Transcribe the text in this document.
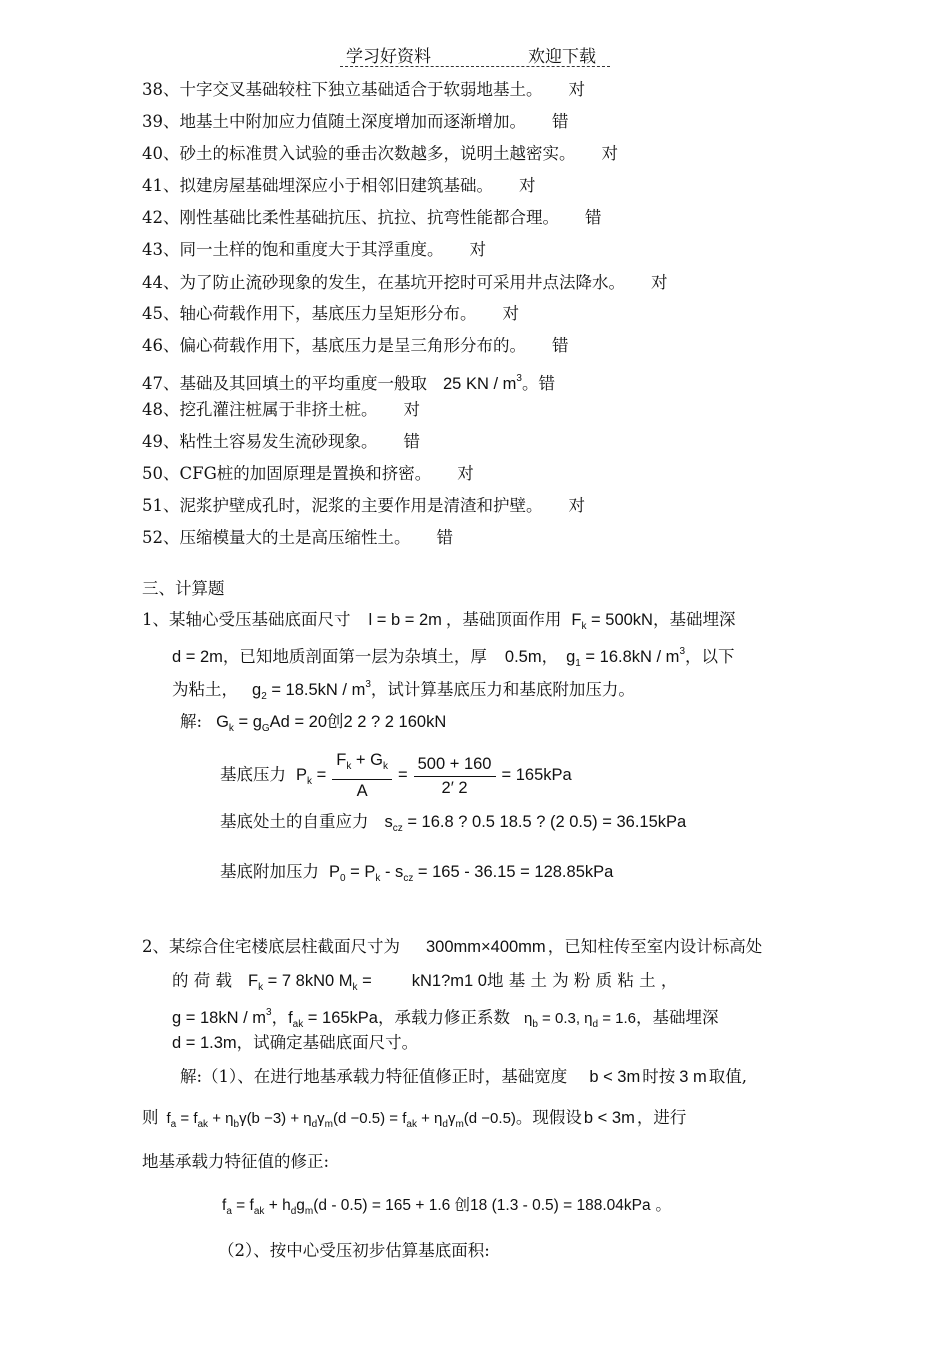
学习好资料	欢迎下载
38、十字交叉基础较柱下独立基础适合于软弱地基土。 对
39、地基土中附加应力值随土深度增加而逐渐增加。 错
40、砂土的标准贯入试验的垂击次数越多，说明土越密实。 对
41、拟建房屋基础埋深应小于相邻旧建筑基础。 对
42、刚性基础比柔性基础抗压、抗拉、抗弯性能都合理。 错
43、同一土样的饱和重度大于其浮重度。 对
44、为了防止流砂现象的发生，在基坑开挖时可采用井点法降水。 对
45、轴心荷载作用下，基底压力呈矩形分布。 对
46、偏心荷载作用下，基底压力是呈三角形分布的。 错
47、基础及其回填土的平均重度一般取 25 KN / $m^3$。错
48、挖孔灌注桩属于非挤土桩。 对
49、粘性土容易发生流砂现象。 错
50、CFG桩的加固原理是置换和挤密。 对
51、泥浆护壁成孔时，泥浆的主要作用是清渣和护壁。 对
52、压缩模量大的土是高压缩性土。 错
三、计算题
1、某轴心受压基础底面尺寸 l = b = 2m ，基础顶面作用 $F_k = 500kN$，基础埋深
d = 2m，已知地质剖面第一层为杂填土，厚 0.5m， $g_1 = 16.8kN / m^3$，以下
为粘土， $g_2 = 18.5kN / m^3$，试计算基底压力和基底附加压力。
解: $G_k = g_GAd = 20$创2 2 ? 2 160kN
基底压力 $P_k = \frac{F_k + G_k}{A} = \frac{500 + 160}{2' 2} = 165kPa$
基底处土的自重应力 $s_{cz} = 16.8$ ? 0.5 18.5 ? (2 0.5) = 36.15kPa
基底附加压力 $P_0 = P_k - s_{cz} = 165 - 36.15 = 128.85kPa$
2、某综合住宅楼底层柱截面尺寸为 300mm×400mm ，已知柱传至室内设计标高处
的 荷 载 $F_k = 7$ 8kN0 $M_k$ = kN1?m1 0地 基 土 为 粉 质 粘 土 ，
$g = 18kN / m^3$，$f_{ak} = 165kPa$，承载力修正系数 $\eta_b = 0.3$, $\eta_d = 1.6$，基础埋深
d = 1.3m，试确定基础底面尺寸。
解:（1）、在进行地基承载力特征值修正时，基础宽度 b < 3m 时按 3 m 取值,
则 $f_a = f_{ak} + \eta_b\gamma(b -3) + \eta_d\gamma_m(d -0.5) = f_{ak} + \eta_d\gamma_m(d -0.5)$。现假设 b < 3m ，进行
地基承载力特征值的修正:
$f_a = f_{ak} + h_dg_m(d - 0.5) = 165 + 1.6$ 创18 (1.3 - 0.5) = 188.04kPa 。
（2）、按中心受压初步估算基底面积:
